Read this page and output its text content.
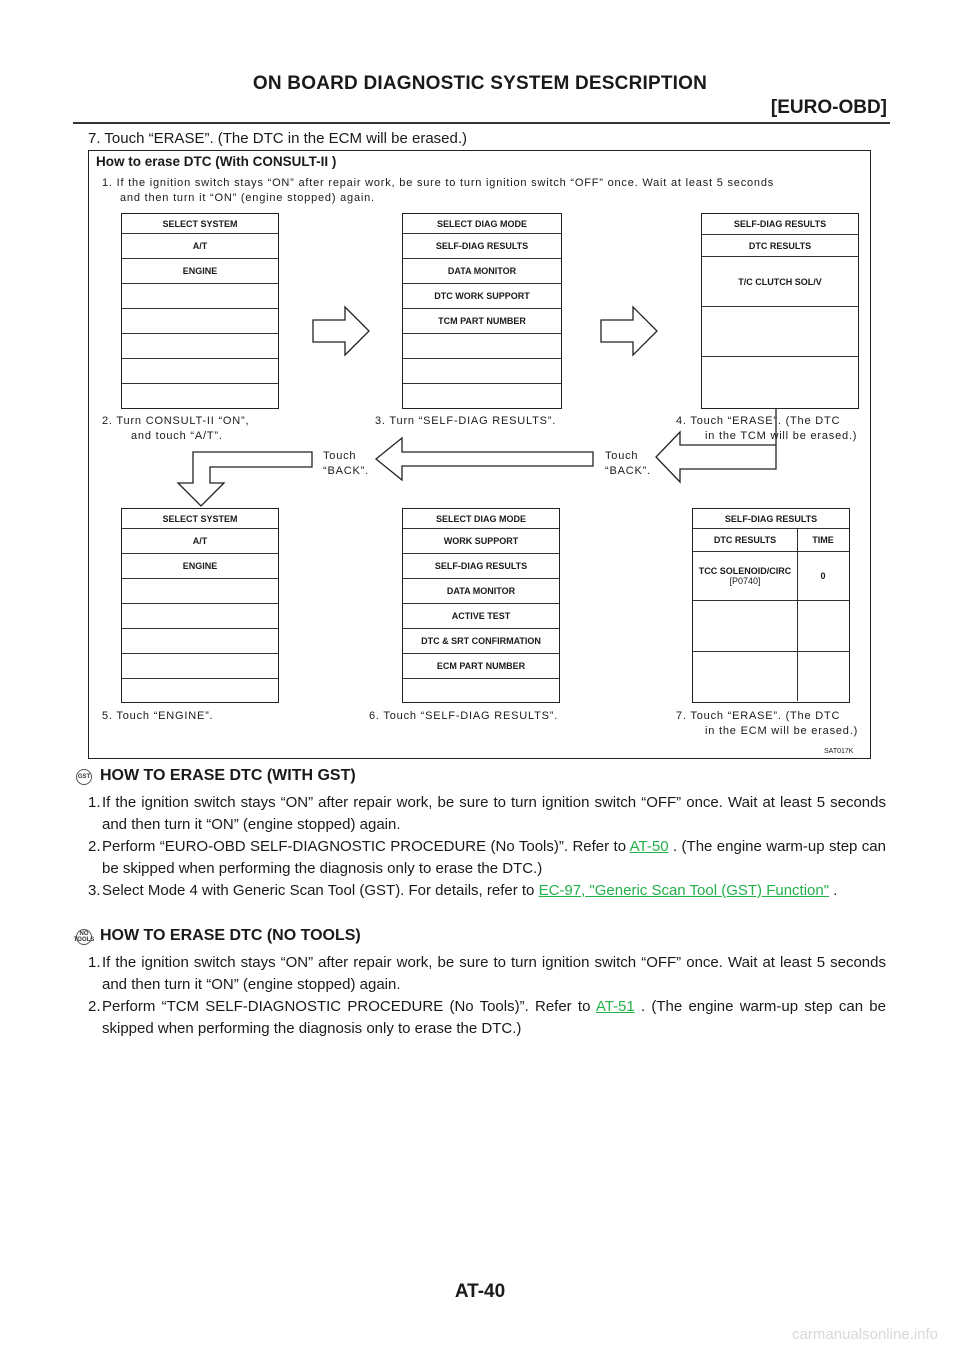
ON BOARD DIAGNOSTIC SYSTEM DESCRIPTION
[EURO-OBD]
7. Touch “ERASE”. (The DTC in the ECM will be erased.)
How to erase DTC (With CONSULT-II )
1. If the ignition switch stays “ON” after repair work, be sure to turn ignition switch “OFF” once. Wait at least 5 seconds
and then turn it “ON” (engine stopped) again.
SELECT SYSTEM
A/T
ENGINE
SELECT DIAG MODE
SELF-DIAG RESULTS
DATA MONITOR
DTC WORK SUPPORT
TCM PART NUMBER
SELF-DIAG RESULTS
DTC RESULTS
T/C CLUTCH SOL/V
2. Turn CONSULT-II “ON”,
and touch “A/T”.
3. Turn “SELF-DIAG RESULTS”.	4. Touch “ERASE”. (The DTC
in the TCM will be erased.)
Touch
“BACK”.
Touch
“BACK”.
SELECT SYSTEM
A/T
ENGINE
SELECT DIAG MODE
WORK SUPPORT
SELF-DIAG RESULTS
DATA MONITOR
ACTIVE TEST
DTC & SRT CONFIRMATION
ECM PART NUMBER
SELF-DIAG RESULTS
DTC RESULTS	TIME
TCC SOLENOID/CIRC
[P0740]	0
5. Touch “ENGINE”.	6. Touch “SELF-DIAG RESULTS”.	7. Touch “ERASE”. (The DTC
in the ECM will be erased.)
SAT017K
GST HOW TO ERASE DTC (WITH GST)
1. If the ignition switch stays “ON” after repair work, be sure to turn ignition switch “OFF” once. Wait at least 5 seconds and then turn it “ON” (engine stopped) again.
2. Perform “EURO-OBD SELF-DIAGNOSTIC PROCEDURE (No Tools)”. Refer to AT-50 . (The engine warm-up step can be skipped when performing the diagnosis only to erase the DTC.)
3. Select Mode 4 with Generic Scan Tool (GST). For details, refer to EC-97, "Generic Scan Tool (GST) Function" .
NO
TOOLS HOW TO ERASE DTC (NO TOOLS)
1. If the ignition switch stays “ON” after repair work, be sure to turn ignition switch “OFF” once. Wait at least 5 seconds and then turn it “ON” (engine stopped) again.
2. Perform “TCM SELF-DIAGNOSTIC PROCEDURE (No Tools)”. Refer to AT-51 . (The engine warm-up step can be skipped when performing the diagnosis only to erase the DTC.)
AT-40
carmanualsonline.info
